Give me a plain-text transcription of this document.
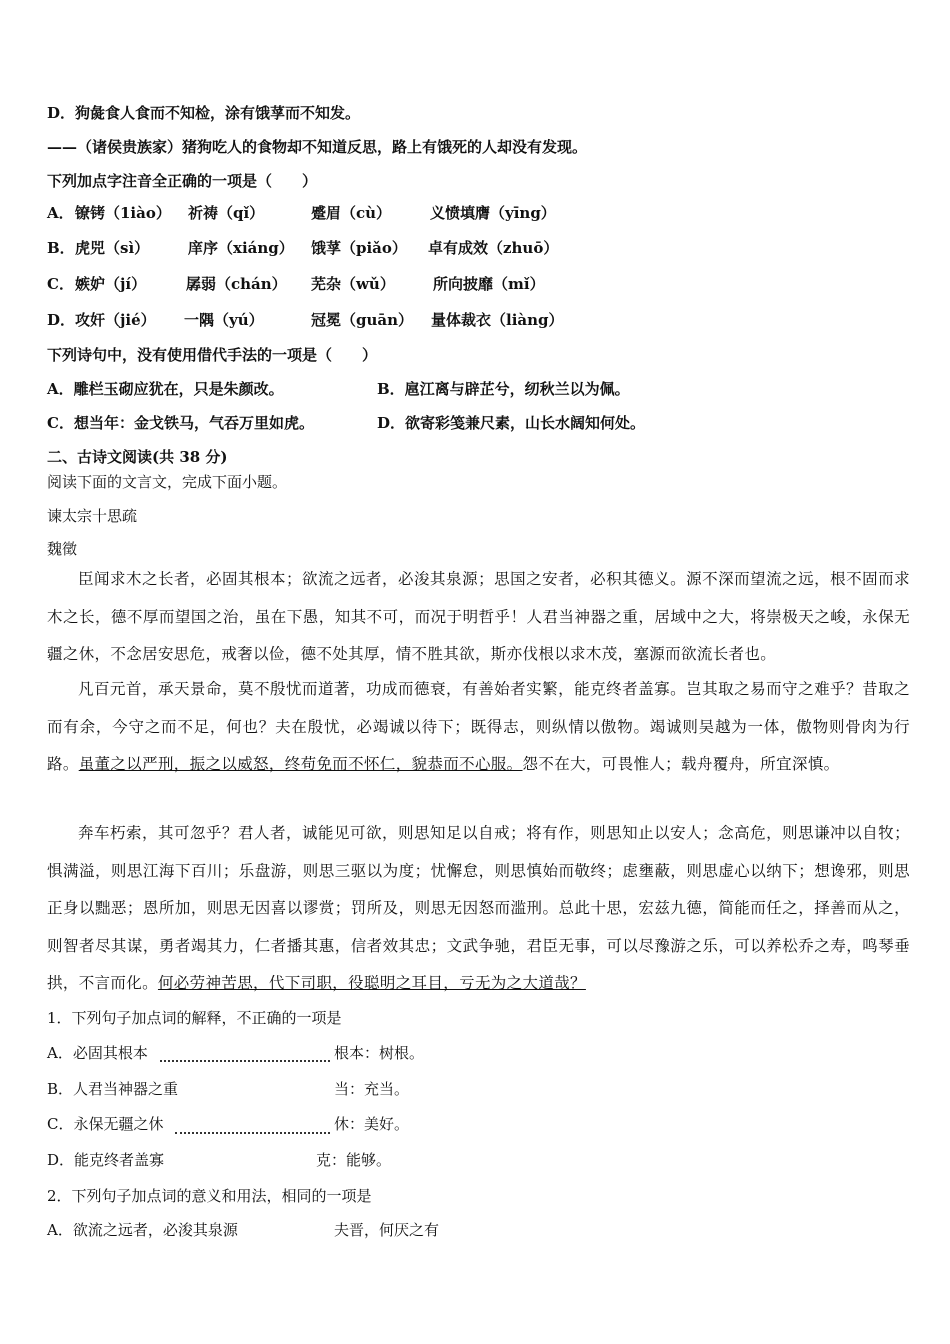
D．狗彘食人食而不知检，涂有饿莩而不知发。
——（诸侯贵族家）猪狗吃人的食物却不知道反思，路上有饿死的人却没有发现。
下列加点字注音全正确的一项是（　　）
A． 镣铐（1iào） 祈祷（qǐ）	蹙眉（cù）	义愤填膺（yīng）
B． 虎兕（sì）	庠序（xiáng） 饿莩（piǎo） 卓有成效（zhuō）
C． 嫉妒（jí）	孱弱（chán） 芜杂（wǔ）	所向披靡（mǐ）
D． 攻奸（jié） 一隅（yú）	冠冕（guān） 量体裁衣（liàng）
下列诗句中，没有使用借代手法的一项是（　　）
A．雕栏玉砌应犹在，只是朱颜改。	B．扈江离与辟芷兮，纫秋兰以为佩。
C．想当年：金戈铁马，气吞万里如虎。	D．欲寄彩笺兼尺素，山长水阔知何处。
二、古诗文阅读(共 38 分)
阅读下面的文言文，完成下面小题。
谏太宗十思疏
魏徵

臣闻求木之长者，必固其根本；欲流之远者，必浚其泉源；思国之安者，必积其德义。源不深而望流之远，根不固而求木之长，德不厚而望国之治，虽在下愚，知其不可，而况于明哲乎！人君当神器之重，居域中之大，将崇极天之峻，永保无疆之休，不念居安思危，戒奢以俭，德不处其厚，情不胜其欲，斯亦伐根以求木茂，塞源而欲流长者也。

凡百元首，承天景命，莫不殷忧而道著，功成而德衰，有善始者实繁，能克终者盖寡。岂其取之易而守之难乎？昔取之而有余，今守之而不足，何也？夫在殷忧，必竭诚以待下；既得志，则纵情以傲物。竭诚则吴越为一体，傲物则骨肉为行路。虽董之以严刑，振之以威怒，终苟免而不怀仁，貌恭而不心服。怨不在大，可畏惟人；载舟覆舟，所宜深慎。

奔车朽索，其可忽乎？君人者，诚能见可欲，则思知足以自戒；将有作，则思知止以安人；念高危，则思谦冲以自牧；惧满溢，则思江海下百川；乐盘游，则思三驱以为度；忧懈怠，则思慎始而敬终；虑壅蔽，则思虚心以纳下；想谗邪，则思正身以黜恶；恩所加，则思无因喜以谬赏；罚所及，则思无因怒而滥刑。总此十思，宏兹九德，简能而任之，择善而从之，则智者尽其谋，勇者竭其力，仁者播其惠，信者效其忠；文武争驰，君臣无事，可以尽豫游之乐，可以养松乔之寿，鸣琴垂拱，不言而化。何必劳神苦思，代下司职，役聪明之耳目，亏无为之大道哉？

1．下列句子加点词的解释，不正确的一项是
A．必固其根本	根本：树根。
B．人君当神器之重	当：充当。
C．永保无疆之休	休：美好。
D．能克终者盖寡	克：能够。
2．下列句子加点词的意义和用法，相同的一项是
A．欲流之远者，必浚其泉源	夫晋，何厌之有
